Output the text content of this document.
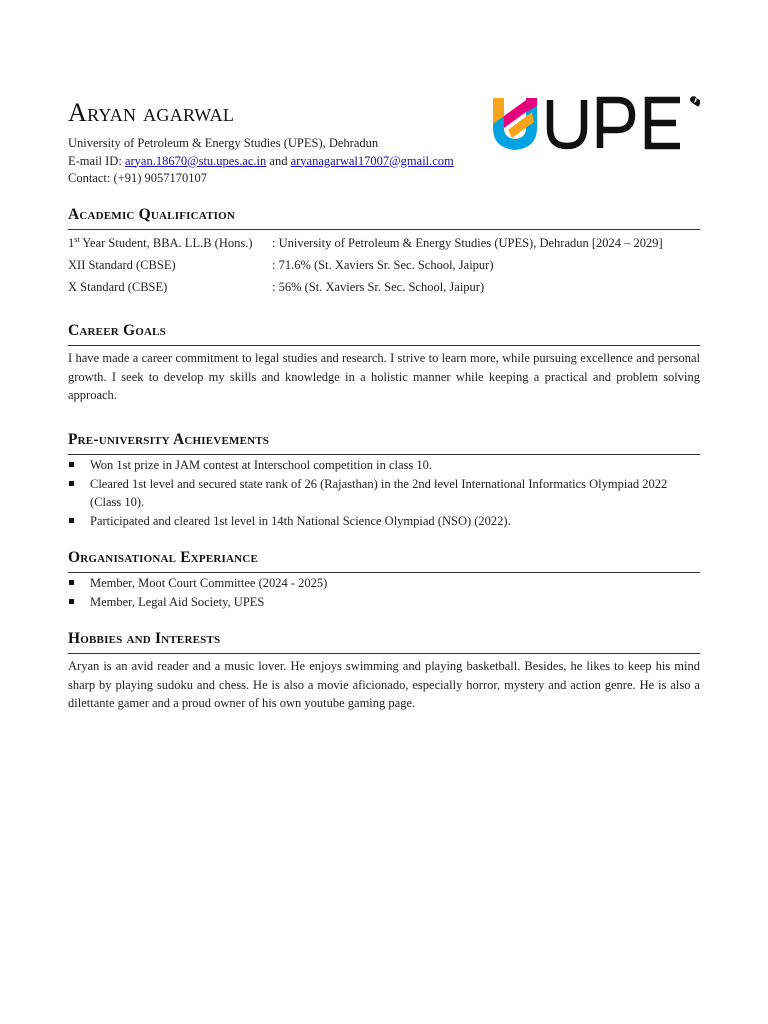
Aryan agarwal
University of Petroleum & Energy Studies (UPES), Dehradun
E-mail ID: aryan.18670@stu.upes.ac.in and aryanagarwal17007@gmail.com
Contact: (+91) 9057170107
Academic Qualification
1st Year Student, BBA. LL.B (Hons.)	: University of Petroleum & Energy Studies (UPES), Dehradun [2024 – 2029]
XII Standard (CBSE)	: 71.6% (St. Xaviers Sr. Sec. School, Jaipur)
X Standard (CBSE)	: 56% (St. Xaviers Sr. Sec. School, Jaipur)
Career Goals

I have made a career commitment to legal studies and research. I strive to learn more, while pursuing excellence and personal growth. I seek to develop my skills and knowledge in a holistic manner while keeping a practical and problem solving approach.

Pre-university Achievements
Won 1st prize in JAM contest at Interschool competition in class 10.
Cleared 1st level and secured state rank of 26 (Rajasthan) in the 2nd level International Informatics Olympiad 2022 (Class 10).
Participated and cleared 1st level in 14th National Science Olympiad (NSO) (2022).
Organisational Experiance
Member, Moot Court Committee (2024 - 2025)
Member, Legal Aid Society, UPES
Hobbies and Interests

Aryan is an avid reader and a music lover. He enjoys swimming and playing basketball. Besides, he likes to keep his mind sharp by playing sudoku and chess. He is also a movie aficionado, especially horror, mystery and action genre. He is also a dilettante gamer and a proud owner of his own youtube gaming page.
